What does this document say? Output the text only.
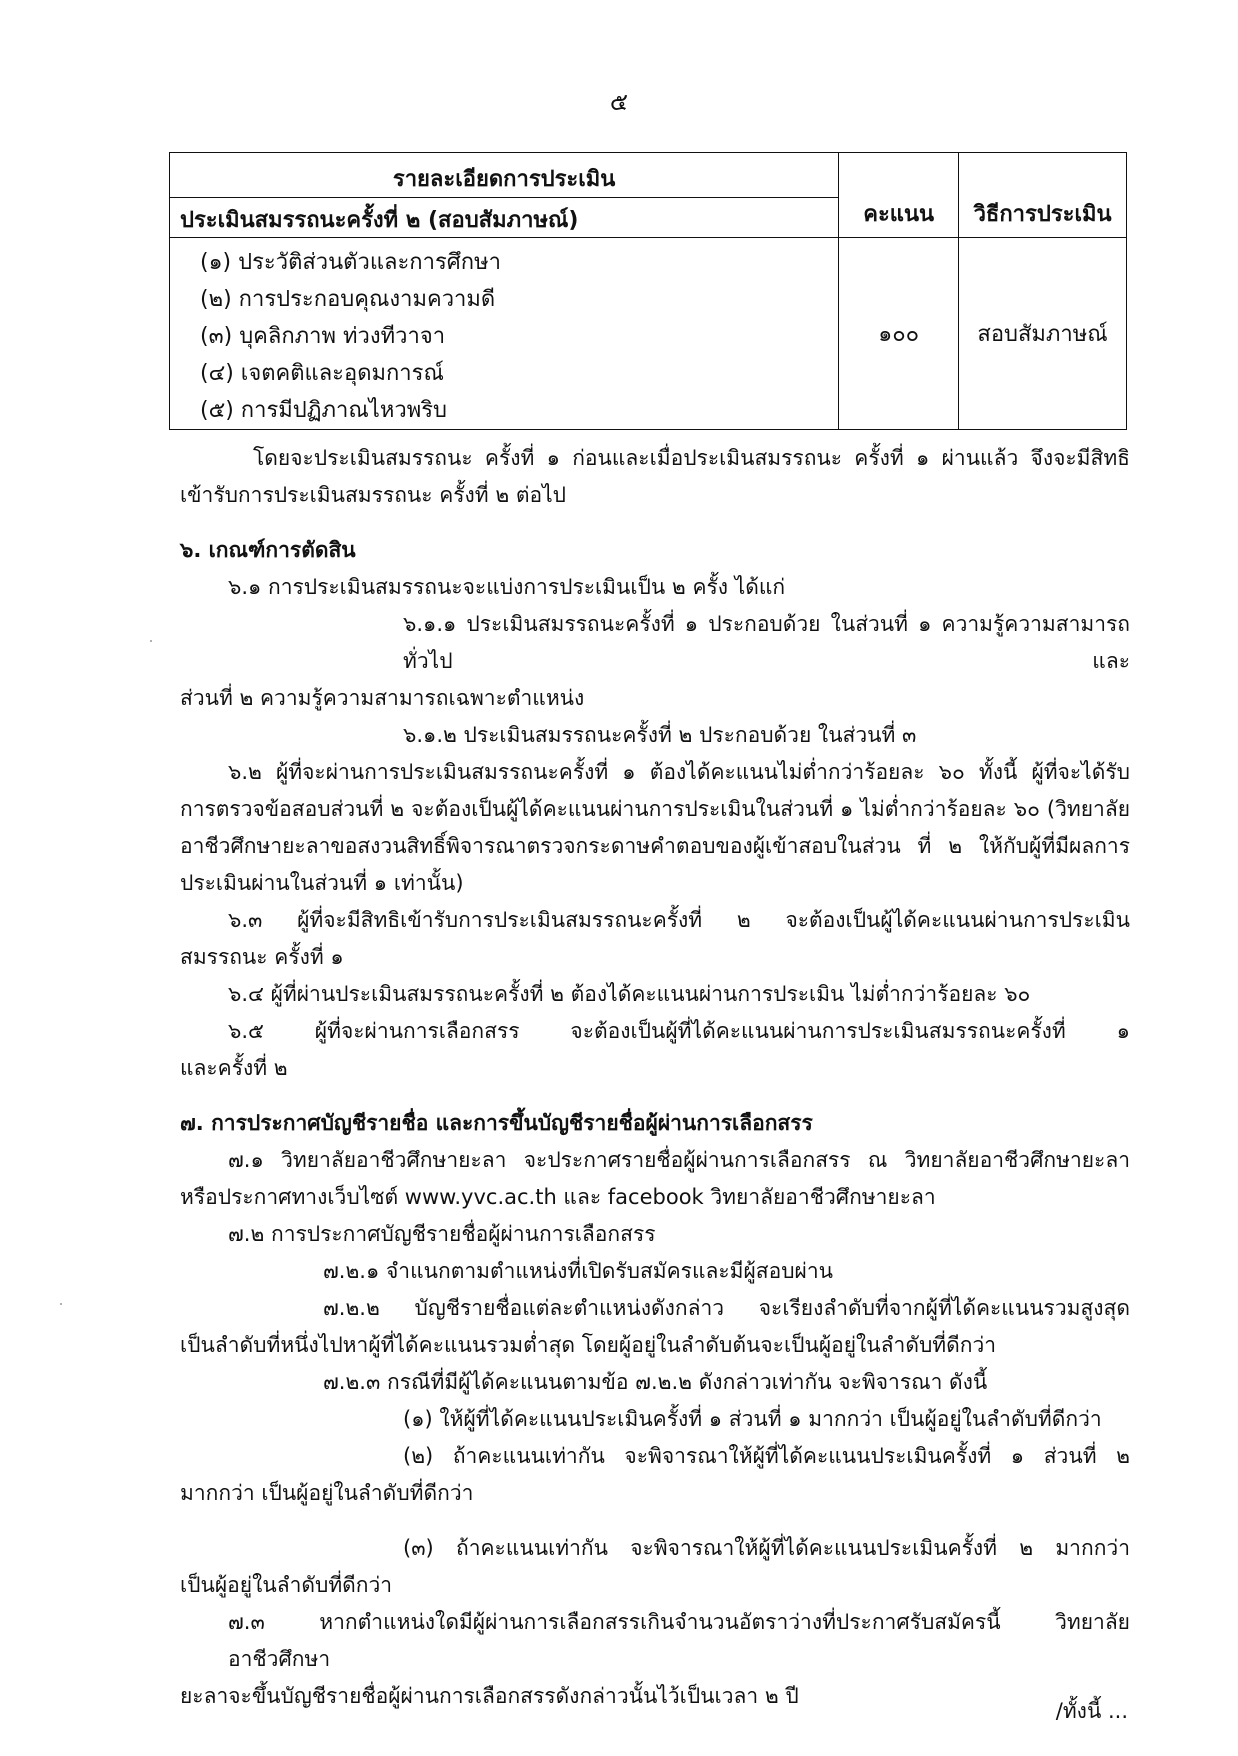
๕
รายละเอียดการประเมิน
ประเมินสมรรถนะครั้งที่ ๒ (สอบสัมภาษณ์)	คะแนน	วิธีการประเมิน

(๑) ประวัติส่วนตัวและการศึกษา
(๒) การประกอบคุณงามความดี
(๓) บุคลิกภาพ ท่วงทีวาจา
(๔) เจตคติและอุดมการณ์
(๕) การมีปฏิภาณไหวพริบ	๑๐๐	สอบสัมภาษณ์

โดยจะประเมินสมรรถนะ ครั้งที่ ๑ ก่อนและเมื่อประเมินสมรรถนะ ครั้งที่ ๑ ผ่านแล้ว จึงจะมีสิทธิ

เข้ารับการประเมินสมรรถนะ ครั้งที่ ๒ ต่อไป

๖. เกณฑ์การตัดสิน

๖.๑ การประเมินสมรรถนะจะแบ่งการประเมินเป็น ๒ ครั้ง ได้แก่

๖.๑.๑ ประเมินสมรรถนะครั้งที่ ๑ ประกอบด้วย ในส่วนที่ ๑ ความรู้ความสามารถทั่วไป และ

ส่วนที่ ๒ ความรู้ความสามารถเฉพาะตำแหน่ง

๖.๑.๒ ประเมินสมรรถนะครั้งที่ ๒ ประกอบด้วย ในส่วนที่ ๓

๖.๒ ผู้ที่จะผ่านการประเมินสมรรถนะครั้งที่ ๑ ต้องได้คะแนนไม่ต่ำกว่าร้อยละ ๖๐ ทั้งนี้ ผู้ที่จะได้รับ

การตรวจข้อสอบส่วนที่ ๒ จะต้องเป็นผู้ได้คะแนนผ่านการประเมินในส่วนที่ ๑ ไม่ต่ำกว่าร้อยละ ๖๐ (วิทยาลัย

อาชีวศึกษายะลาขอสงวนสิทธิ์พิจารณาตรวจกระดาษคำตอบของผู้เข้าสอบในส่วน ที่ ๒ ให้กับผู้ที่มีผลการ

ประเมินผ่านในส่วนที่ ๑ เท่านั้น)

๖.๓ ผู้ที่จะมีสิทธิเข้ารับการประเมินสมรรถนะครั้งที่ ๒ จะต้องเป็นผู้ได้คะแนนผ่านการประเมิน

สมรรถนะ ครั้งที่ ๑

๖.๔ ผู้ที่ผ่านประเมินสมรรถนะครั้งที่ ๒ ต้องได้คะแนนผ่านการประเมิน ไม่ต่ำกว่าร้อยละ ๖๐

๖.๕ ผู้ที่จะผ่านการเลือกสรร จะต้องเป็นผู้ที่ได้คะแนนผ่านการประเมินสมรรถนะครั้งที่ ๑

และครั้งที่ ๒

๗. การประกาศบัญชีรายชื่อ และการขึ้นบัญชีรายชื่อผู้ผ่านการเลือกสรร

๗.๑ วิทยาลัยอาชีวศึกษายะลา จะประกาศรายชื่อผู้ผ่านการเลือกสรร ณ วิทยาลัยอาชีวศึกษายะลา

หรือประกาศทางเว็บไซต์ www.yvc.ac.th และ facebook วิทยาลัยอาชีวศึกษายะลา

๗.๒ การประกาศบัญชีรายชื่อผู้ผ่านการเลือกสรร

๗.๒.๑ จำแนกตามตำแหน่งที่เปิดรับสมัครและมีผู้สอบผ่าน

๗.๒.๒ บัญชีรายชื่อแต่ละตำแหน่งดังกล่าว จะเรียงลำดับที่จากผู้ที่ได้คะแนนรวมสูงสุด

เป็นลำดับที่หนึ่งไปหาผู้ที่ได้คะแนนรวมต่ำสุด โดยผู้อยู่ในลำดับต้นจะเป็นผู้อยู่ในลำดับที่ดีกว่า

๗.๒.๓ กรณีที่มีผู้ได้คะแนนตามข้อ ๗.๒.๒ ดังกล่าวเท่ากัน จะพิจารณา ดังนี้

(๑) ให้ผู้ที่ได้คะแนนประเมินครั้งที่ ๑ ส่วนที่ ๑ มากกว่า เป็นผู้อยู่ในลำดับที่ดีกว่า

(๒) ถ้าคะแนนเท่ากัน จะพิจารณาให้ผู้ที่ได้คะแนนประเมินครั้งที่ ๑ ส่วนที่ ๒

มากกว่า เป็นผู้อยู่ในลำดับที่ดีกว่า

(๓) ถ้าคะแนนเท่ากัน จะพิจารณาให้ผู้ที่ได้คะแนนประเมินครั้งที่ ๒ มากกว่า

เป็นผู้อยู่ในลำดับที่ดีกว่า

๗.๓ หากตำแหน่งใดมีผู้ผ่านการเลือกสรรเกินจำนวนอัตราว่างที่ประกาศรับสมัครนี้ วิทยาลัยอาชีวศึกษา

ยะลาจะขึ้นบัญชีรายชื่อผู้ผ่านการเลือกสรรดังกล่าวนั้นไว้เป็นเวลา ๒ ปี

/ทั้งนี้ ...
